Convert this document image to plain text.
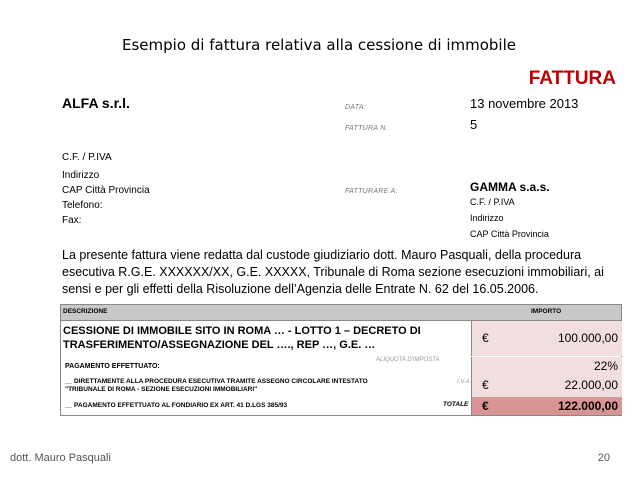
Esempio di fattura relativa alla cessione di immobile
FATTURA
ALFA s.r.l.	DATA:	13 novembre 2013
FATTURA N.	5
C.F. / P.IVA
Indirizzo
CAP Città Provincia
Telefono:
Fax:
FATTURARE A:	GAMMA s.a.s.
C.F. / P.IVA
Indirizzo
CAP Città Provincia
La presente fattura viene redatta dal custode giudiziario dott. Mauro Pasquali, della procedura esecutiva R.G.E. XXXXXX/XX, G.E. XXXXX, Tribunale di Roma sezione esecuzioni immobiliari, ai sensi e per gli effetti della Risoluzione dell’Agenzia delle Entrate N. 62 del 16.05.2006.
DESCRIZIONE	IMPORTO
CESSIONE DI IMMOBILE SITO IN ROMA … - LOTTO 1 – DECRETO DI TRASFERIMENTO/ASSEGNAZIONE DEL …., REP …, G.E. …	€	100.000,00
PAGAMENTO EFFETTUATO:
ALIQUOTA D'IMPOSTA	22%
__ DIRETTAMENTE ALLA PROCEDURA ESECUTIVA TRAMITE ASSEGNO CIRCOLARE INTESTATO "TRIBUNALE DI ROMA - SEZIONE ESECUZIONI IMMOBILIARI"
I.V.A. €	22.000,00
__ PAGAMENTO EFFETTUATO AL FONDIARIO EX ART. 41 D.LGS 385/93	TOTALE €	122.000,00
dott. Mauro Pasquali	20
